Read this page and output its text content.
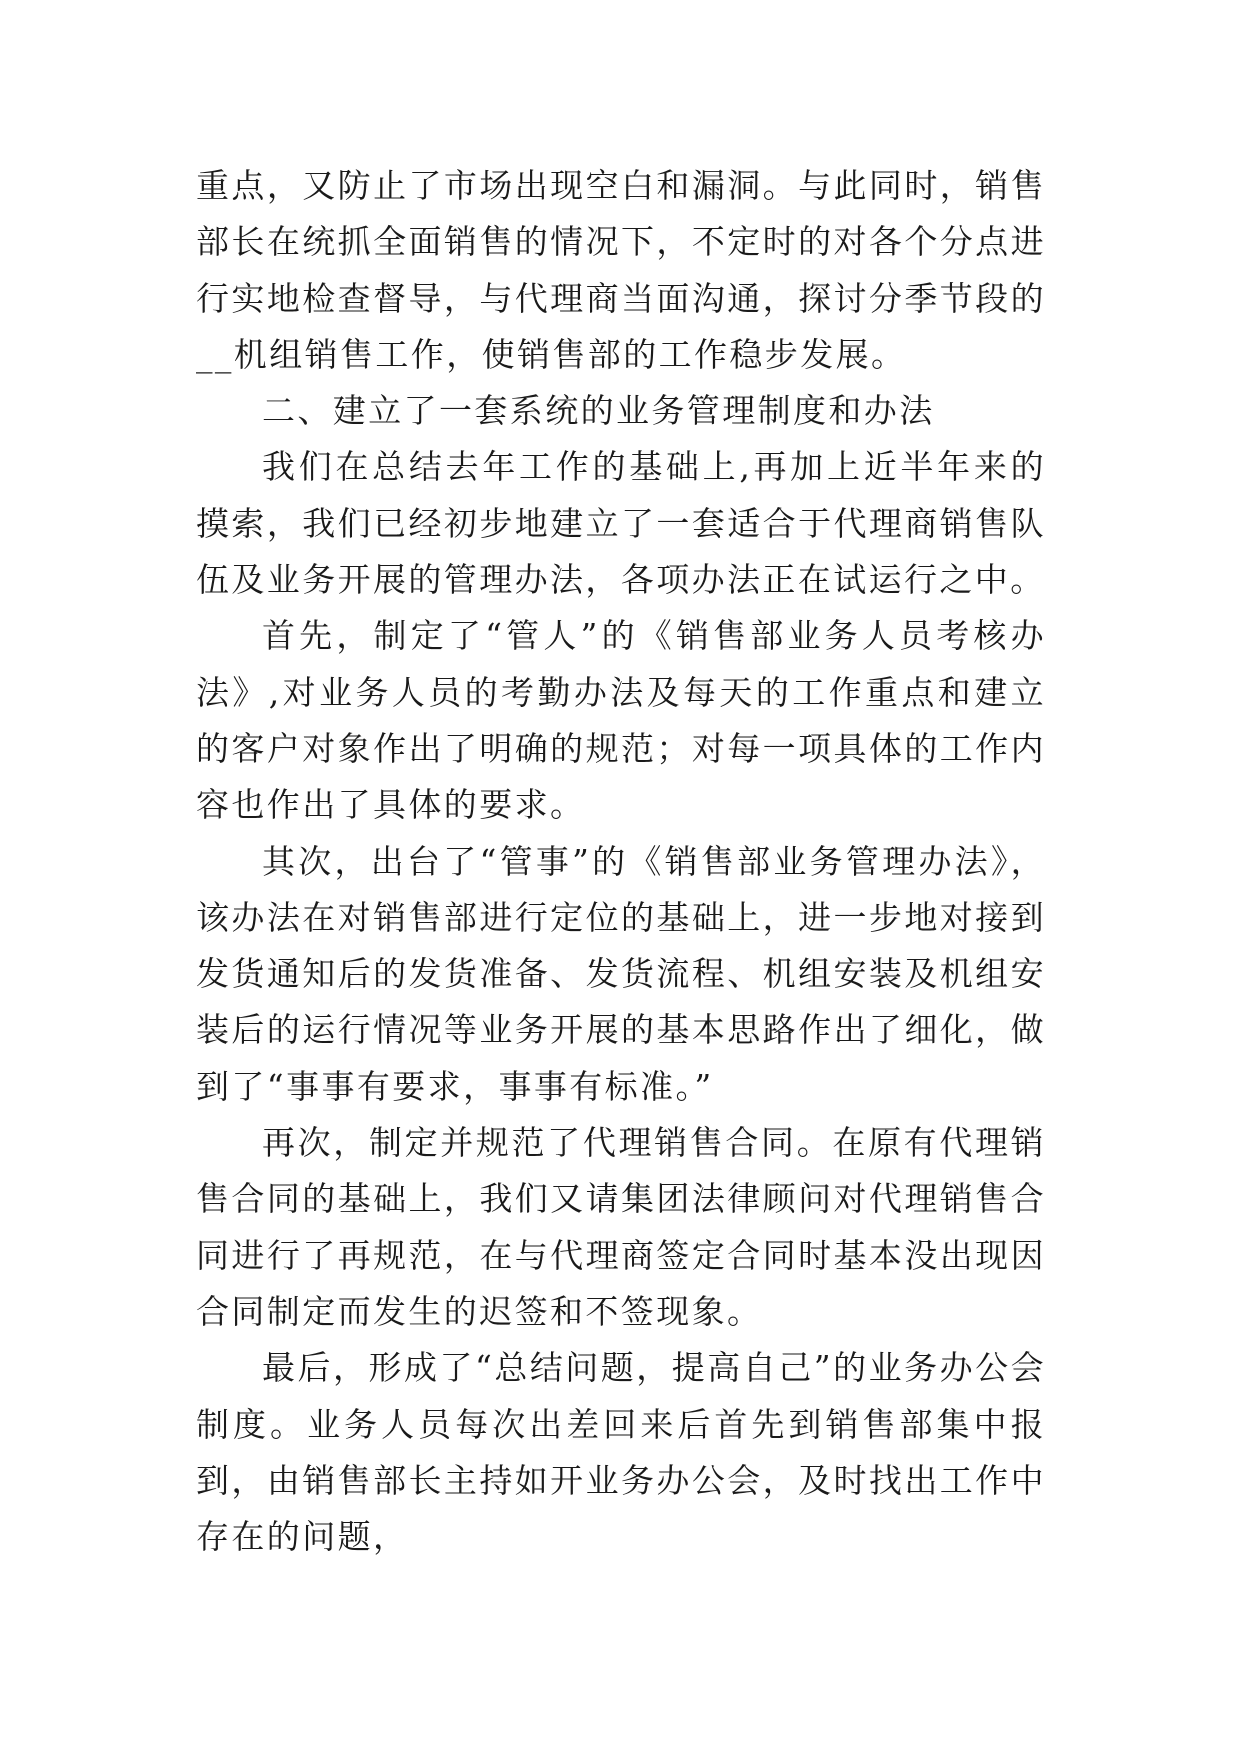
重点，又防止了市场出现空白和漏洞。与此同时，销售部长在统抓全面销售的情况下，不定时的对各个分点进行实地检查督导，与代理商当面沟通，探讨分季节段的__机组销售工作，使销售部的工作稳步发展。

二、建立了一套系统的业务管理制度和办法

我们在总结去年工作的基础上,再加上近半年来的摸索，我们已经初步地建立了一套适合于代理商销售队伍及业务开展的管理办法，各项办法正在试运行之中。

首先，制定了“管人”的《销售部业务人员考核办法》,对业务人员的考勤办法及每天的工作重点和建立的客户对象作出了明确的规范；对每一项具体的工作内容也作出了具体的要求。

其次，出台了“管事”的《销售部业务管理办法》，该办法在对销售部进行定位的基础上，进一步地对接到发货通知后的发货准备、发货流程、机组安装及机组安装后的运行情况等业务开展的基本思路作出了细化，做到了“事事有要求，事事有标准。”

再次，制定并规范了代理销售合同。在原有代理销售合同的基础上，我们又请集团法律顾问对代理销售合同进行了再规范，在与代理商签定合同时基本没出现因合同制定而发生的迟签和不签现象。

最后，形成了“总结问题，提高自己”的业务办公会制度。业务人员每次出差回来后首先到销售部集中报到，由销售部长主持如开业务办公会，及时找出工作中存在的问题，
